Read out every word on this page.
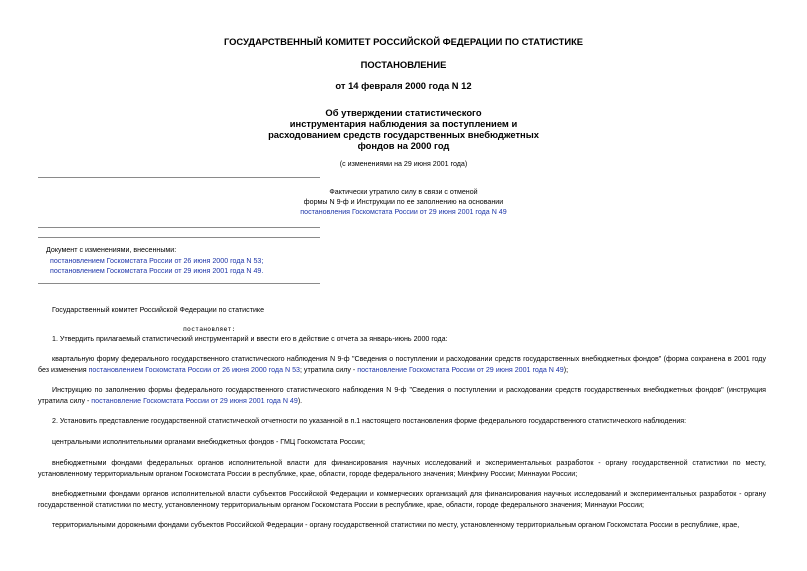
ГОСУДАРСТВЕННЫЙ КОМИТЕТ РОССИЙСКОЙ ФЕДЕРАЦИИ ПО СТАТИСТИКЕ
ПОСТАНОВЛЕНИЕ
от 14 февраля 2000 года N 12
Об утверждении статистического
инструментария наблюдения за поступлением и
расходованием средств государственных внебюджетных
фондов на 2000 год
(с изменениями на 29 июня 2001 года)
Фактически утратило силу в связи с отменой
формы N 9-ф и Инструкции по ее заполнению на основании
постановления Госкомстата России от 29 июня 2001 года N 49
Документ с изменениями, внесенными:
постановлением Госкомстата России от 26 июня 2000 года N 53;
постановлением Госкомстата России от 29 июня 2001 года N 49.
Государственный комитет Российской Федерации по статистике
постановляет:
1. Утвердить прилагаемый статистический инструментарий и ввести его в действие с отчета за январь-июнь 2000 года:
квартальную форму федерального государственного статистического наблюдения N 9-ф "Сведения о поступлении и расходовании средств государственных внебюджетных фондов" (форма сохранена в 2001 году без изменения постановлением Госкомстата России от 26 июня 2000 года N 53; утратила силу - постановление Госкомстата России от 29 июня 2001 года N 49);
Инструкцию по заполнению формы федерального государственного статистического наблюдения N 9-ф "Сведения о поступлении и расходовании средств государственных внебюджетных фондов" (инструкция утратила силу - постановление Госкомстата России от 29 июня 2001 года N 49).
2. Установить представление государственной статистической отчетности по указанной в п.1 настоящего постановления форме федерального государственного статистического наблюдения:
центральными исполнительными органами внебюджетных фондов - ГМЦ Госкомстата России;
внебюджетными фондами федеральных органов исполнительной власти для финансирования научных исследований и экспериментальных разработок - органу государственной статистики по месту, установленному территориальным органом Госкомстата России в республике, крае, области, городе федерального значения; Минфину России; Миннауки России;
внебюджетными фондами органов исполнительной власти субъектов Российской Федерации и коммерческих организаций для финансирования научных исследований и экспериментальных разработок - органу государственной статистики по месту, установленному территориальным органом Госкомстата России в республике, крае, области, городе федерального значения; Миннауки России;
территориальными дорожными фондами субъектов Российской Федерации - органу государственной статистики по месту, установленному территориальным органом Госкомстата России в республике, крае,
